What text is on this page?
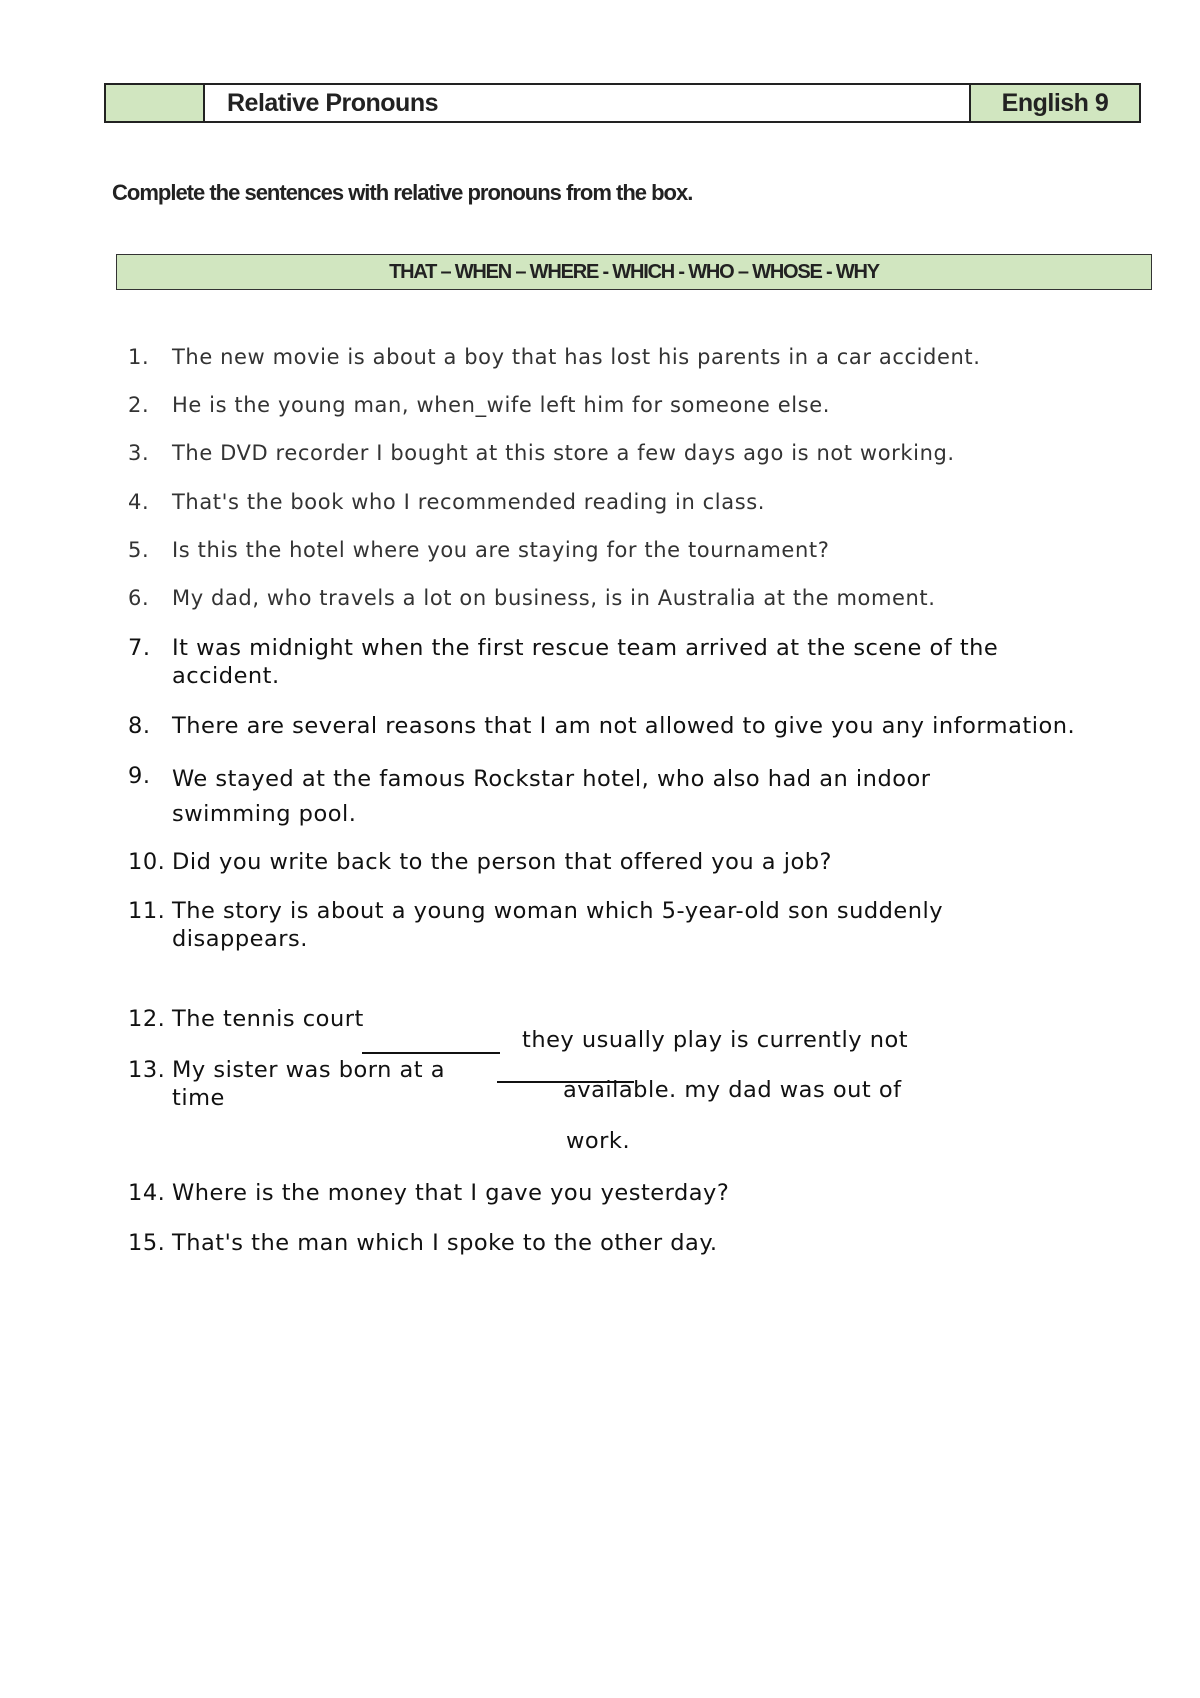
Relative Pronouns	English 9
Complete the sentences with relative pronouns from the box.
THAT – WHEN – WHERE - WHICH - WHO – WHOSE - WHY
1.	The new movie is about a boy that has lost his parents in a car accident.
2.	He is the young man, when_wife left him for someone else.
3.	The DVD recorder I bought at this store a few days ago is not working.
4.	That's the book who I recommended reading in class.
5.	Is this the hotel where you are staying for the tournament?
6.	My dad, who travels a lot on business, is in Australia at the moment.
7. It was midnight when the first rescue team arrived at the scene of the
accident.
8. There are several reasons that I am not allowed to give you any information.
9. We stayed at the famous Rockstar hotel, who also had an indoor
swimming pool.
10. Did you write back to the person that offered you a job?
11. The story is about a young woman which 5-year-old son suddenly
disappears.
12. The tennis court
13. My sister was born at a
time
they usually play is currently not
available. my dad was out of
work.
14. Where is the money that I gave you yesterday?
15. That's the man which I spoke to the other day.
